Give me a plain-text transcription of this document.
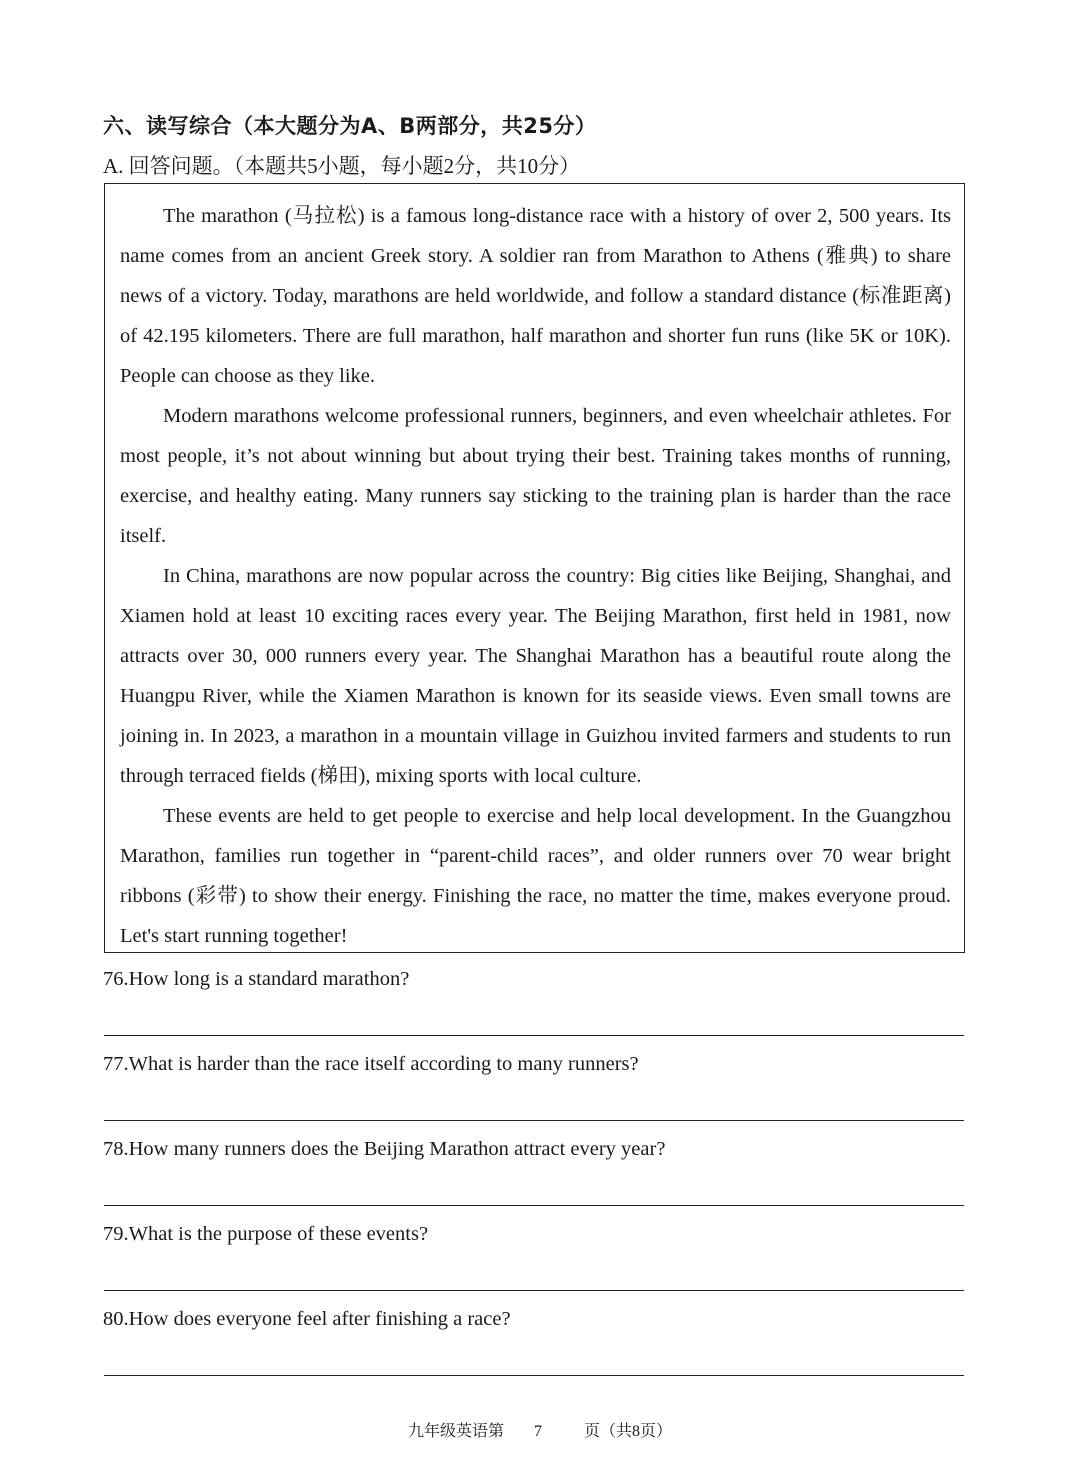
六、读写综合（本大题分为A、B两部分，共25分）
A. 回答问题。（本题共5小题，每小题2分，共10分）

The marathon (马拉松) is a famous long-distance race with a history of over 2, 500 years. Its name comes from an ancient Greek story. A soldier ran from Marathon to Athens (雅典) to share news of a victory. Today, marathons are held worldwide, and follow a standard distance (标准距离) of 42.195 kilometers. There are full marathon, half marathon and shorter fun runs (like 5K or 10K). People can choose as they like.

Modern marathons welcome professional runners, beginners, and even wheelchair athletes. For most people, it’s not about winning but about trying their best. Training takes months of running, exercise, and healthy eating. Many runners say sticking to the training plan is harder than the race itself.

In China, marathons are now popular across the country: Big cities like Beijing, Shanghai, and Xiamen hold at least 10 exciting races every year. The Beijing Marathon, first held in 1981, now attracts over 30, 000 runners every year. The Shanghai Marathon has a beautiful route along the Huangpu River, while the Xiamen Marathon is known for its seaside views. Even small towns are joining in. In 2023, a marathon in a mountain village in Guizhou invited farmers and students to run through terraced fields (梯田), mixing sports with local culture.

These events are held to get people to exercise and help local development. In the Guangzhou Marathon, families run together in “parent-child races”, and older runners over 70 wear bright ribbons (彩带) to show their energy. Finishing the race, no matter the time, makes everyone proud. Let's start running together!

76.How long is a standard marathon?
77.What is harder than the race itself according to many runners?
78.How many runners does the Beijing Marathon attract every year?
79.What is the purpose of these events?
80.How does everyone feel after finishing a race?
九年级英语第 7	页（共8页）
